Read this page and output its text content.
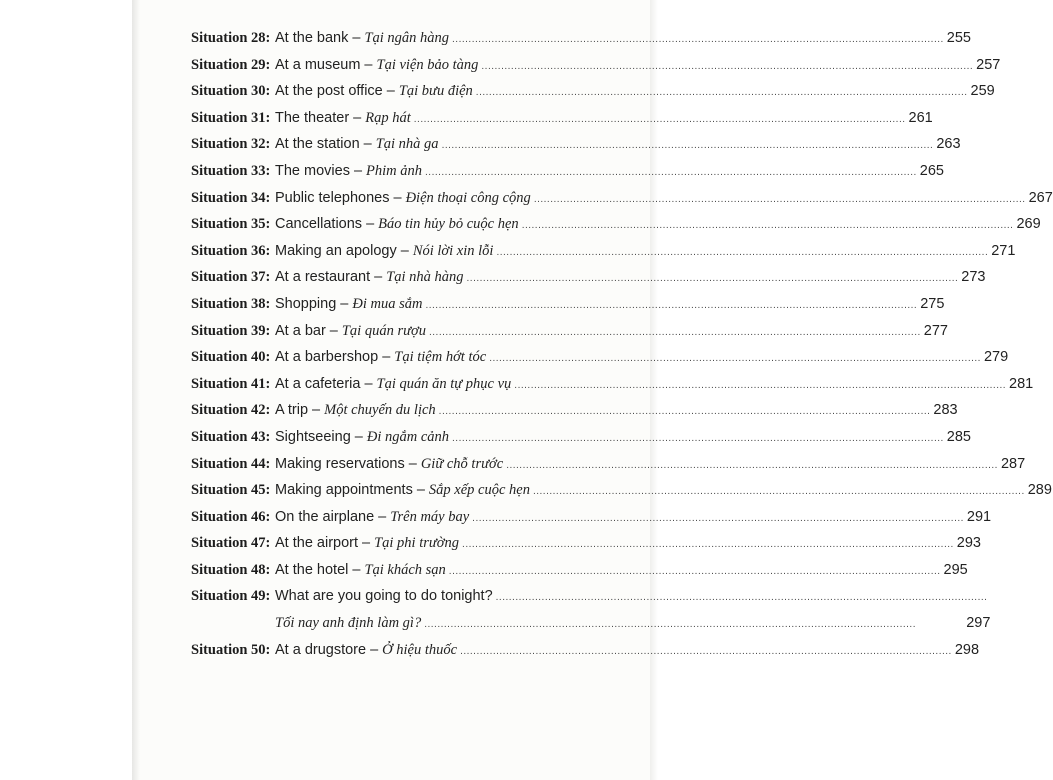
Situation 28: At the bank – Tại ngân hàng ...................................................................................................................................................... 255
Situation 29: At a museum – Tại viện bảo tàng ...................................................................................................................................................... 257
Situation 30: At the post office – Tại bưu điện ...................................................................................................................................................... 259
Situation 31: The theater – Rạp hát ...................................................................................................................................................... 261
Situation 32: At the station – Tại nhà ga ...................................................................................................................................................... 263
Situation 33: The movies – Phim ảnh ...................................................................................................................................................... 265
Situation 34: Public telephones – Điện thoại công cộng ...................................................................................................................................................... 267
Situation 35: Cancellations – Báo tin hủy bỏ cuộc hẹn ...................................................................................................................................................... 269
Situation 36: Making an apology – Nói lời xin lỗi ...................................................................................................................................................... 271
Situation 37: At a restaurant – Tại nhà hàng ...................................................................................................................................................... 273
Situation 38: Shopping – Đi mua sắm ...................................................................................................................................................... 275
Situation 39: At a bar – Tại quán rượu ...................................................................................................................................................... 277
Situation 40: At a barbershop – Tại tiệm hớt tóc ...................................................................................................................................................... 279
Situation 41: At a cafeteria – Tại quán ăn tự phục vụ ...................................................................................................................................................... 281
Situation 42: A trip – Một chuyến du lịch ...................................................................................................................................................... 283
Situation 43: Sightseeing – Đi ngắm cảnh ...................................................................................................................................................... 285
Situation 44: Making reservations – Giữ chỗ trước ...................................................................................................................................................... 287
Situation 45: Making appointments – Sắp xếp cuộc hẹn ...................................................................................................................................................... 289
Situation 46: On the airplane – Trên máy bay ...................................................................................................................................................... 291
Situation 47: At the airport – Tại phi trường ...................................................................................................................................................... 293
Situation 48: At the hotel – Tại khách sạn ...................................................................................................................................................... 295
Situation 49: What are you going to do tonight? ......................................................................................................................................................
Tối nay anh định làm gì? ......................................................................................................................................................	297
Situation 50: At a drugstore – Ở hiệu thuốc ...................................................................................................................................................... 298
